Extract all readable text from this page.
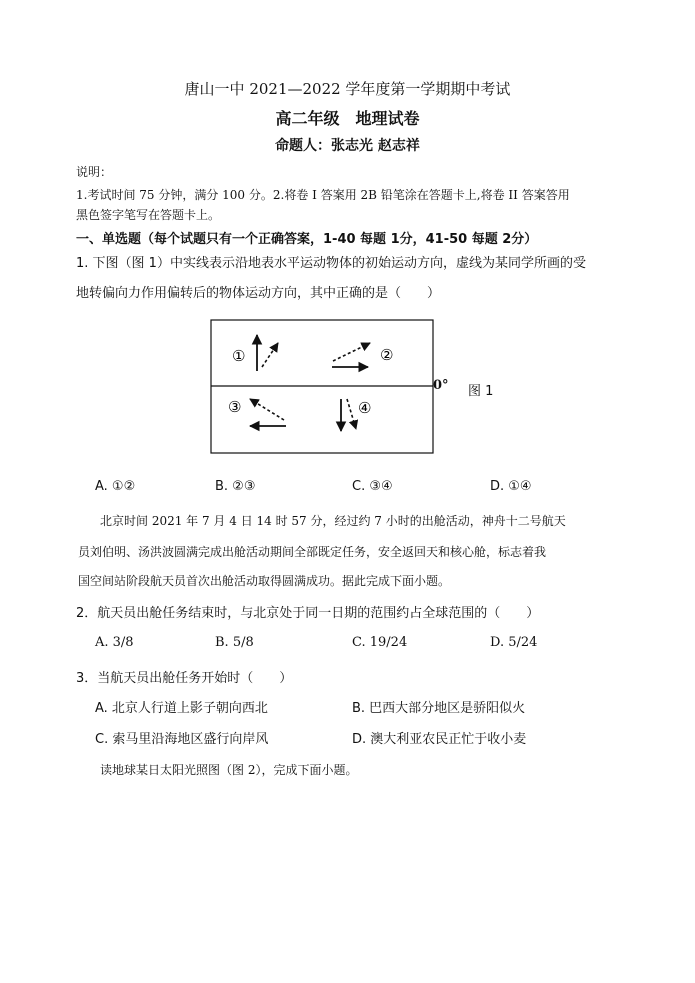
唐山一中 2021—2022 学年度第一学期期中考试
高二年级　地理试卷
命题人：张志光 赵志祥
说明：
1.考试时间 75 分钟，满分 100 分。2.将卷 I 答案用 2B 铅笔涂在答题卡上,将卷 II 答案答用
黑色签字笔写在答题卡上。
一、单选题（每个试题只有一个正确答案，1-40 每题 1分，41-50 每题 2分）
1. 下图（图 1）中实线表示沿地表水平运动物体的初始运动方向，虚线为某同学所画的受
地转偏向力作用偏转后的物体运动方向，其中正确的是（　　）
①	②
③	④
0° 图 1
A. ①②	B. ②③	C. ③④	D. ①④
北京时间 2021 年 7 月 4 日 14 时 57 分，经过约 7 小时的出舱活动，神舟十二号航天
员刘伯明、汤洪波圆满完成出舱活动期间全部既定任务，安全返回天和核心舱，标志着我
国空间站阶段航天员首次出舱活动取得圆满成功。据此完成下面小题。
2．航天员出舱任务结束时，与北京处于同一日期的范围约占全球范围的（　　）
A. 3/8	B. 5/8	C. 19/24	D. 5/24
3．当航天员出舱任务开始时（　　）
A. 北京人行道上影子朝向西北	B. 巴西大部分地区是骄阳似火
C. 索马里沿海地区盛行向岸风	D. 澳大利亚农民正忙于收小麦
读地球某日太阳光照图（图 2），完成下面小题。
